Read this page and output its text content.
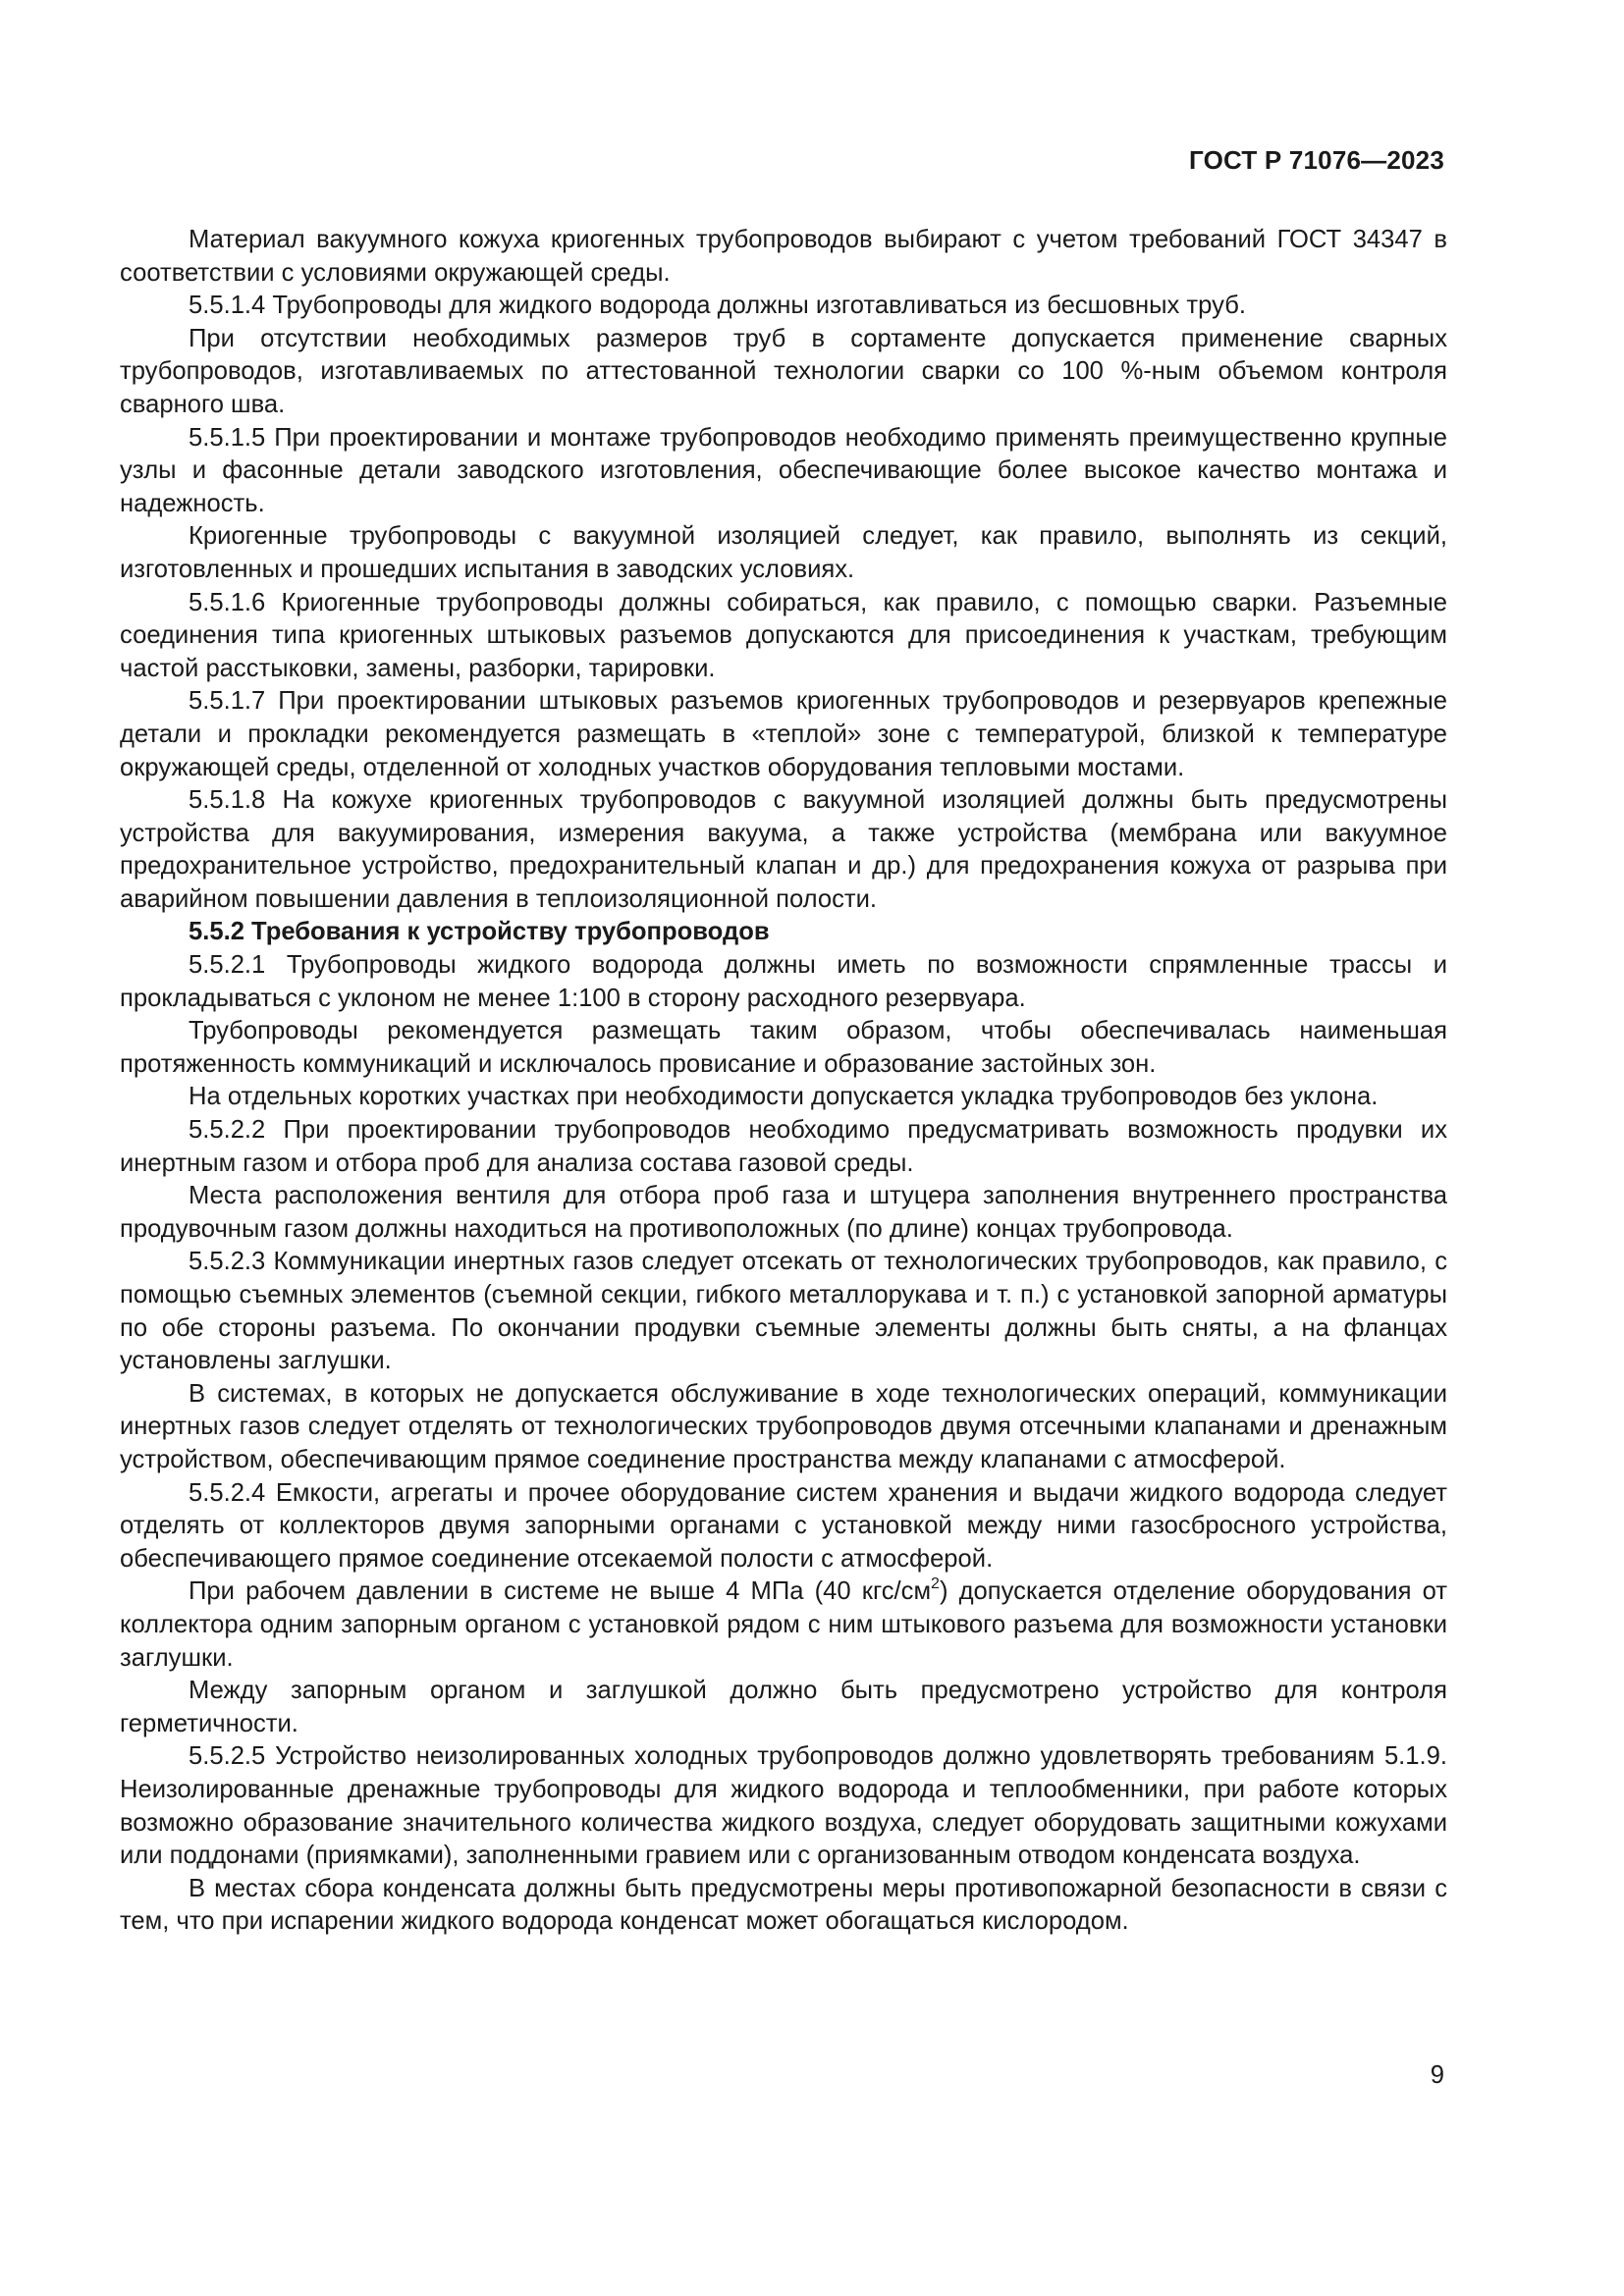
ГОСТ Р 71076—2023

Материал вакуумного кожуха криогенных трубопроводов выбирают с учетом требований ГОСТ 34347 в соответствии с условиями окружающей среды.

5.5.1.4 Трубопроводы для жидкого водорода должны изготавливаться из бесшовных труб.

При отсутствии необходимых размеров труб в сортаменте допускается применение сварных трубопроводов, изготавливаемых по аттестованной технологии сварки со 100 %-ным объемом контроля сварного шва.

5.5.1.5 При проектировании и монтаже трубопроводов необходимо применять преимущественно крупные узлы и фасонные детали заводского изготовления, обеспечивающие более высокое качество монтажа и надежность.

Криогенные трубопроводы с вакуумной изоляцией следует, как правило, выполнять из секций, изготовленных и прошедших испытания в заводских условиях.

5.5.1.6 Криогенные трубопроводы должны собираться, как правило, с помощью сварки. Разъемные соединения типа криогенных штыковых разъемов допускаются для присоединения к участкам, требующим частой расстыковки, замены, разборки, тарировки.

5.5.1.7 При проектировании штыковых разъемов криогенных трубопроводов и резервуаров крепежные детали и прокладки рекомендуется размещать в «теплой» зоне с температурой, близкой к температуре окружающей среды, отделенной от холодных участков оборудования тепловыми мостами.

5.5.1.8 На кожухе криогенных трубопроводов с вакуумной изоляцией должны быть предусмотрены устройства для вакуумирования, измерения вакуума, а также устройства (мембрана или вакуумное предохранительное устройство, предохранительный клапан и др.) для предохранения кожуха от разрыва при аварийном повышении давления в теплоизоляционной полости.

5.5.2 Требования к устройству трубопроводов

5.5.2.1 Трубопроводы жидкого водорода должны иметь по возможности спрямленные трассы и прокладываться с уклоном не менее 1:100 в сторону расходного резервуара.

Трубопроводы рекомендуется размещать таким образом, чтобы обеспечивалась наименьшая протяженность коммуникаций и исключалось провисание и образование застойных зон.

На отдельных коротких участках при необходимости допускается укладка трубопроводов без уклона.

5.5.2.2 При проектировании трубопроводов необходимо предусматривать возможность продувки их инертным газом и отбора проб для анализа состава газовой среды.

Места расположения вентиля для отбора проб газа и штуцера заполнения внутреннего пространства продувочным газом должны находиться на противоположных (по длине) концах трубопровода.

5.5.2.3 Коммуникации инертных газов следует отсекать от технологических трубопроводов, как правило, с помощью съемных элементов (съемной секции, гибкого металлорукава и т. п.) с установкой запорной арматуры по обе стороны разъема. По окончании продувки съемные элементы должны быть сняты, а на фланцах установлены заглушки.

В системах, в которых не допускается обслуживание в ходе технологических операций, коммуникации инертных газов следует отделять от технологических трубопроводов двумя отсечными клапанами и дренажным устройством, обеспечивающим прямое соединение пространства между клапанами с атмосферой.

5.5.2.4 Емкости, агрегаты и прочее оборудование систем хранения и выдачи жидкого водорода следует отделять от коллекторов двумя запорными органами с установкой между ними газосбросного устройства, обеспечивающего прямое соединение отсекаемой полости с атмосферой.

При рабочем давлении в системе не выше 4 МПа (40 кгс/$см^2$) допускается отделение оборудования от коллектора одним запорным органом с установкой рядом с ним штыкового разъема для возможности установки заглушки.

Между запорным органом и заглушкой должно быть предусмотрено устройство для контроля герметичности.

5.5.2.5 Устройство неизолированных холодных трубопроводов должно удовлетворять требованиям 5.1.9. Неизолированные дренажные трубопроводы для жидкого водорода и теплообменники, при работе которых возможно образование значительного количества жидкого воздуха, следует оборудовать защитными кожухами или поддонами (приямками), заполненными гравием или с организованным отводом конденсата воздуха.

В местах сбора конденсата должны быть предусмотрены меры противопожарной безопасности в связи с тем, что при испарении жидкого водорода конденсат может обогащаться кислородом.

9
